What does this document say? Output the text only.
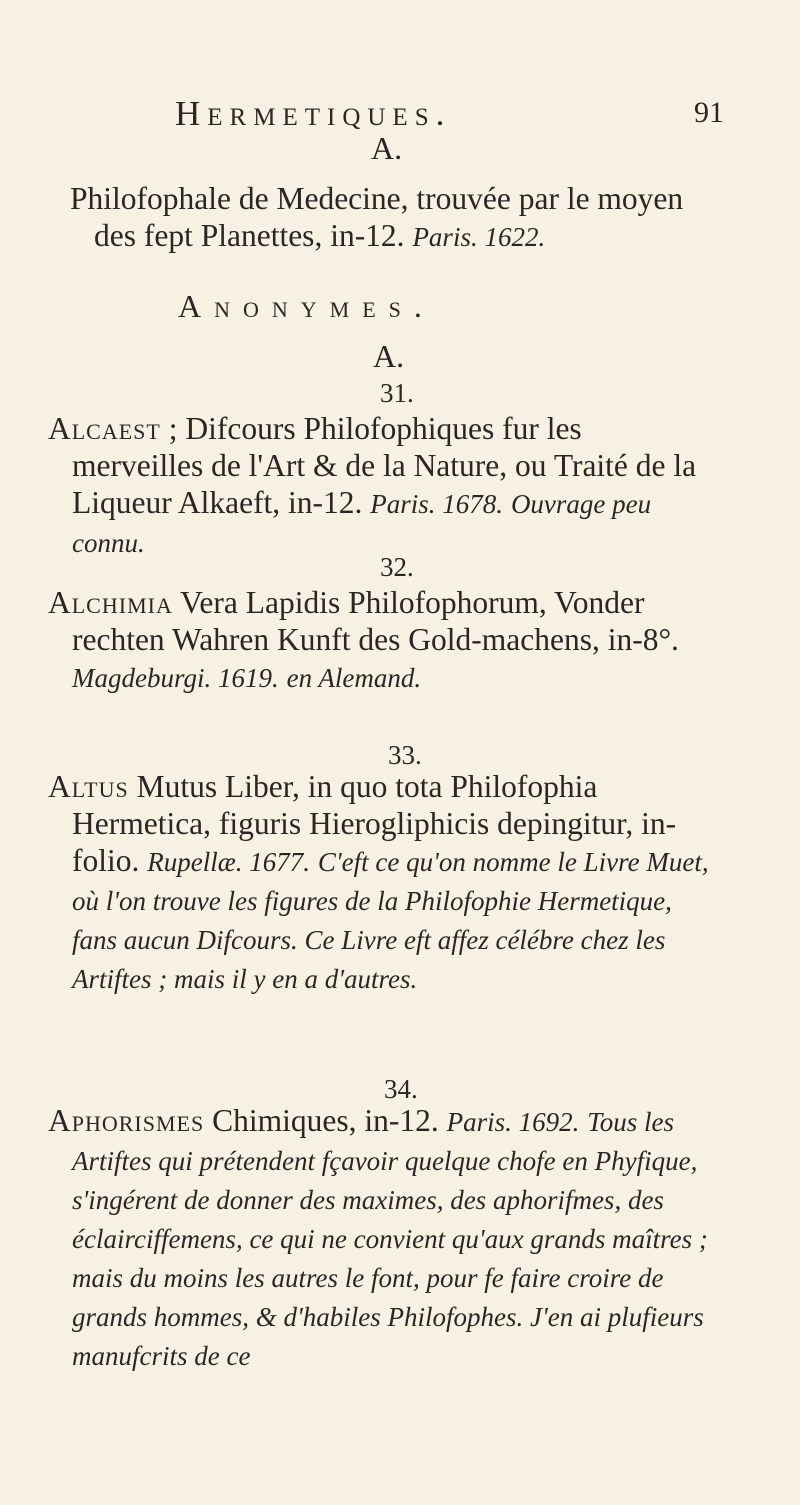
Hermetiques.	91
A.

Philofophale de Medecine, trouvée par le moyen des fept Planettes, in-12. Paris. 1622.

Anonymes.
A.
31.

Alcaest ; Difcours Philofophiques fur les merveilles de l'Art & de la Nature, ou Traité de la Liqueur Alkaeft, in-12. Paris. 1678. Ouvrage peu connu.

32.

Alchimia Vera Lapidis Philofophorum, Vonder rechten Wahren Kunft des Gold-machens, in-8°. Magdeburgi. 1619. en Alemand.

33.

Altus Mutus Liber, in quo tota Philofophia Hermetica, figuris Hierogliphicis depingitur, in-folio. Rupellæ. 1677. C'eft ce qu'on nomme le Livre Muet, où l'on trouve les figures de la Philofophie Hermetique, fans aucun Difcours. Ce Livre eft affez célébre chez les Artiftes ; mais il y en a d'autres.

34.

Aphorismes Chimiques, in-12. Paris. 1692. Tous les Artiftes qui prétendent fçavoir quelque chofe en Phyfique, s'ingérent de donner des maximes, des aphorifmes, des éclairciffemens, ce qui ne convient qu'aux grands maîtres ; mais du moins les autres le font, pour fe faire croire de grands hommes, & d'habiles Philofophes. J'en ai plufieurs manufcrits de ce
